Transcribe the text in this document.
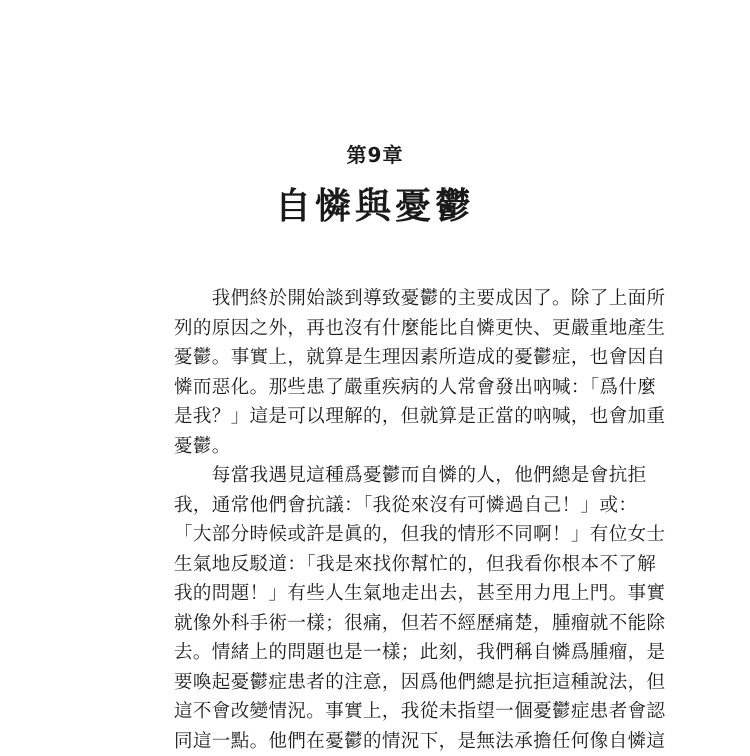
第9章
自憐與憂鬱
　　我們終於開始談到導致憂鬱的主要成因了。除了上面所
列的原因之外，再也沒有什麼能比自憐更快、更嚴重地產生
憂鬱。事實上，就算是生理因素所造成的憂鬱症，也會因自
憐而惡化。那些患了嚴重疾病的人常會發出吶喊：「爲什麼
是我？」這是可以理解的，但就算是正當的吶喊，也會加重
憂鬱。
　　每當我遇見這種爲憂鬱而自憐的人，他們總是會抗拒
我，通常他們會抗議：「我從來沒有可憐過自己！」或：
「大部分時候或許是眞的，但我的情形不同啊！」有位女士
生氣地反駁道：「我是來找你幫忙的，但我看你根本不了解
我的問題！」有些人生氣地走出去，甚至用力甩上門。事實
就像外科手術一樣；很痛，但若不經歷痛楚，腫瘤就不能除
去。情緒上的問題也是一樣；此刻，我們稱自憐爲腫瘤，是
要喚起憂鬱症患者的注意，因爲他們總是抗拒這種說法，但
這不會改變情況。事實上，我從未指望一個憂鬱症患者會認
同這一點。他們在憂鬱的情況下，是無法承擔任何像自憐這
